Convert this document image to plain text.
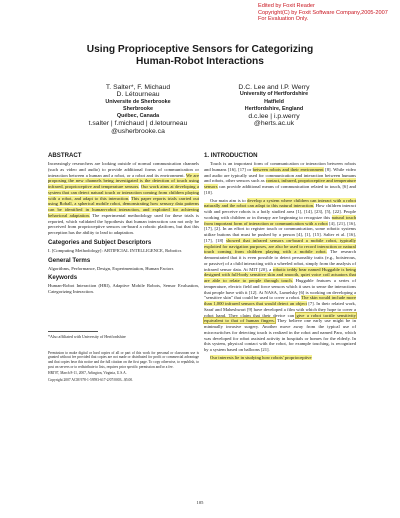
Edited by Foxit Reader
Copyright(C) by Foxit Software Company,2005-2007
For Evaluation Only.
Using Proprioceptive Sensors for Categorizing
Human-Robot Interactions
T. Salter*, F. Michaud
D. Létourneau
Universite de Sherbrooke
Sherbrooke
Québec, Canada
t.salter | f.michaud | d.letourneau
@usherbrooke.ca
D.C. Lee and I.P. Werry
University of Hertfordshire
Hatfield
Hertfordshire, England
d.c.lee | i.p.werry
@herts.ac.uk
ABSTRACT

Increasingly researchers are looking outside of normal communication channels (such as video and audio) to provide additional forms of communication or interaction between a human and a robot, or a robot and its environment. We are proposing the new channels being investigated is the detection of touch using infrared, proprioceptive and temperature sensors. Our work aims at developing a system that can detect natural touch or interaction coming from children playing with a robot, and adapt to this interaction. This paper reports trials carried out using Roball, a spherical mobile robot, demonstrating how sensory data patterns can be identified in human-robot interaction, and exploited for achieving behavioral adaptation. The experimental methodology used for these trials is reported, which validated the hypothesis that human interaction can not only be perceived from proprioceptive sensors on-board a robotic platform, but that this perception has the ability to lead to adaptation.

Categories and Subject Descriptors

I. [Computing Methodology]: ARTIFICIAL INTELLIGENCE, Robotics

General Terms

Algorithms, Performance, Design, Experimentation, Human Factors

Keywords

Human-Robot Interaction (HRI), Adaptive Mobile Robots, Sensor Evaluation, Categorizing Interaction.

*Also affiliated with University of Hertfordshire

Permission to make digital or hard copies of all or part of this work for personal or classroom use is granted without fee provided that copies are not made or distributed for profit or commercial advantage and that copies bear this notice and the full citation on the first page. To copy otherwise, to republish, to post on servers or to redistribute to lists, requires prior specific permission and/or a fee.

HRI'07, March 8-11, 2007, Arlington, Virginia, U.S.A.

Copyright 2007 ACM 978-1-59593-617-2/07/0003...$5.00.

1. INTRODUCTION

Touch is an important form of communication or interaction between robots and humans [16], [17] or between robots and their environment [8]. While video and audio are typically used for communication and interaction between humans and robots, other sensors such as contact, infrared, proprioceptive and temperature sensors can provide additional means of communication related to touch, [6] and [10].

Our main aim is to develop a system where children can interact with a robot naturally and the robot can adapt to this natural interaction. How children interact with and perceive robots is a hotly studied area [1], [14], [23], [5], [22]. People working with children or in therapy are beginning to recognize this natural touch from important form of interaction or communication with a robot [4], [21], [16], [17], [2]. In an effort to register touch or communication, some robotic systems utilize buttons that must be pushed by a person [4], [1], [15]. Salter et al. [16], [17], [18] showed that infrared sensors on-board a mobile robot, typically exploited for navigation purposes, are also be used to record interaction or natural touch coming from children playing with a mobile robot. The research demonstrated that it is even possible to detect personality traits (e.g., boisterous, or passive) of a child interacting with a wheeled robot, simply from the analysis of infrared sensor data. At MIT [20], a robotic teddy bear named Huggable is being designed with full-body sensitive skin and smooth, quiet voice coil actuators that are able to relate to people through touch. Huggable features a series of temperature, electric field and force sensors which it uses to sense the interactions that people have with it [12]. At NASA, Lumelsky [6] is working on developing a "sensitive skin" that could be used to cover a robot. The skin would include more than 1,000 infrared sensors that would detect an object [7]. In their related work, Saraf and Maheshwari [9] have developed a film with which they hope to cover a robot hand. They claim that their device can give a robot tactile sensitivity equivalent to that of human fingers. They believe one early use might be in minimally invasive surgery. Another move away from the typical use of microswitches for detecting touch is realized in the robot and named Paro, which was developed for robot assisted activity in hospitals or homes for the elderly. In this system, physical contact with the robot, for example touching, is recognized by a system based on balloons [21].

Our interests lie in studying how robots' proprioceptive

105
